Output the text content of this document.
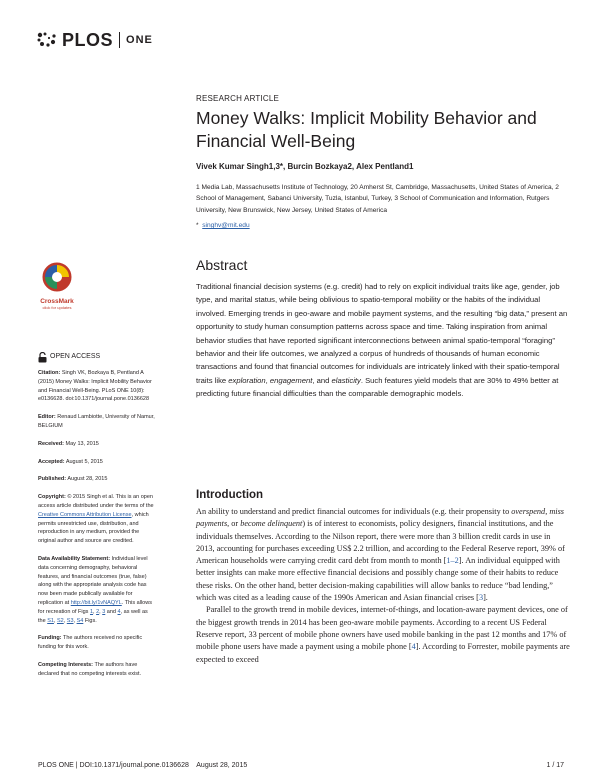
PLOS ONE
RESEARCH ARTICLE
Money Walks: Implicit Mobility Behavior and Financial Well-Being
Vivek Kumar Singh1,3*, Burcin Bozkaya2, Alex Pentland1
1 Media Lab, Massachusetts Institute of Technology, 20 Amherst St, Cambridge, Massachusetts, United States of America, 2 School of Management, Sabanci University, Tuzla, Istanbul, Turkey, 3 School of Communication and Information, Rutgers University, New Brunswick, New Jersey, United States of America
* singhv@mit.edu
CrossMark
click for updates
Abstract

Traditional financial decision systems (e.g. credit) had to rely on explicit individual traits like age, gender, job type, and marital status, while being oblivious to spatio-temporal mobility or the habits of the individual involved. Emerging trends in geo-aware and mobile payment systems, and the resulting “big data,” present an opportunity to study human consumption patterns across space and time. Taking inspiration from animal behavior studies that have reported significant interconnections between animal spatio-temporal “foraging” behavior and their life outcomes, we analyzed a corpus of hundreds of thousands of human economic transactions and found that financial outcomes for individuals are intricately linked with their spatio-temporal traits like exploration, engagement, and elasticity. Such features yield models that are 30% to 49% better at predicting future financial difficulties than the comparable demographic models.

OPEN ACCESS

Citation: Singh VK, Bozkaya B, Pentland A (2015) Money Walks: Implicit Mobility Behavior and Financial Well-Being. PLoS ONE 10(8): e0136628. doi:10.1371/journal.pone.0136628

Editor: Renaud Lambiotte, University of Namur, BELGIUM

Received: May 13, 2015

Accepted: August 5, 2015

Published: August 28, 2015

Copyright: © 2015 Singh et al. This is an open access article distributed under the terms of the Creative Commons Attribution License, which permits unrestricted use, distribution, and reproduction in any medium, provided the original author and source are credited.

Data Availability Statement: Individual level data concerning demography, behavioral features, and financial outcomes (true, false) along with the appropriate analysis code has now been made publically available for replication at http://bit.ly/1vNAQYL. This allows for recreation of Figs 1, 2, 3 and 4, as well as the S1, S2, S3, S4 Figs.

Funding: The authors received no specific funding for this work.

Competing Interests: The authors have declared that no competing interests exist.

Introduction

An ability to understand and predict financial outcomes for individuals (e.g. their propensity to overspend, miss payments, or become delinquent) is of interest to economists, policy designers, financial institutions, and the individuals themselves. According to the Nilson report, there were more than 3 billion credit cards in use in 2013, accounting for purchases exceeding US$ 2.2 trillion, and according to the Federal Reserve report, 39% of American households were carrying credit card debt from month to month [1–2]. An individual equipped with better insights can make more effective financial decisions and possibly change some of their habits to reduce these risks. On the other hand, better decision-making capabilities will allow banks to reduce “bad lending,” which was cited as a leading cause of the 1990s American and Asian financial crises [3].

Parallel to the growth trend in mobile devices, internet-of-things, and location-aware payment devices, one of the biggest growth trends in 2014 has been geo-aware mobile payments. According to a recent US Federal Reserve report, 33 percent of mobile phone owners have used mobile banking in the past 12 months and 17% of mobile phone users have made a payment using a mobile phone [4]. According to Forrester, mobile payments are expected to exceed

PLOS ONE | DOI:10.1371/journal.pone.0136628    August 28, 2015	1 / 17
